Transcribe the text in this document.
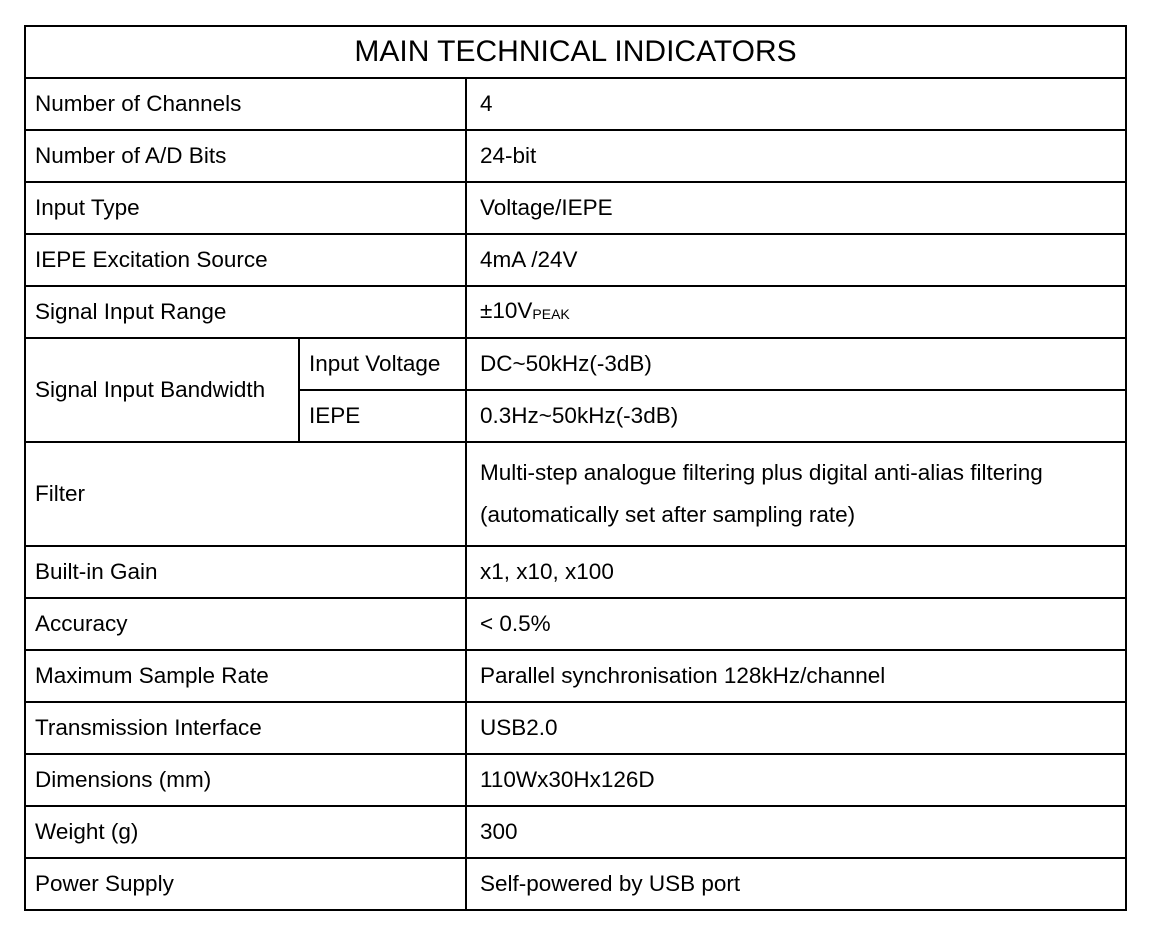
MAIN TECHNICAL INDICATORS		
Number of Channels		4
Number of A/D Bits		24-bit
Input Type		Voltage/IEPE
IEPE Excitation Source		4mA /24V
Signal Input Range		±10VPEAK
Signal Input Bandwidth	Input Voltage	DC~50kHz(-3dB)
	IEPE	0.3Hz~50kHz(-3dB)
Filter		Multi-step analogue filtering plus digital anti-alias filtering
(automatically set after sampling rate)

Built-in Gain		x1, x10, x100
Accuracy		< 0.5%
Maximum Sample Rate		Parallel synchronisation 128kHz/channel
Transmission Interface		USB2.0
Dimensions (mm)		110Wx30Hx126D
Weight (g)		300
Power Supply		Self-powered by USB port
